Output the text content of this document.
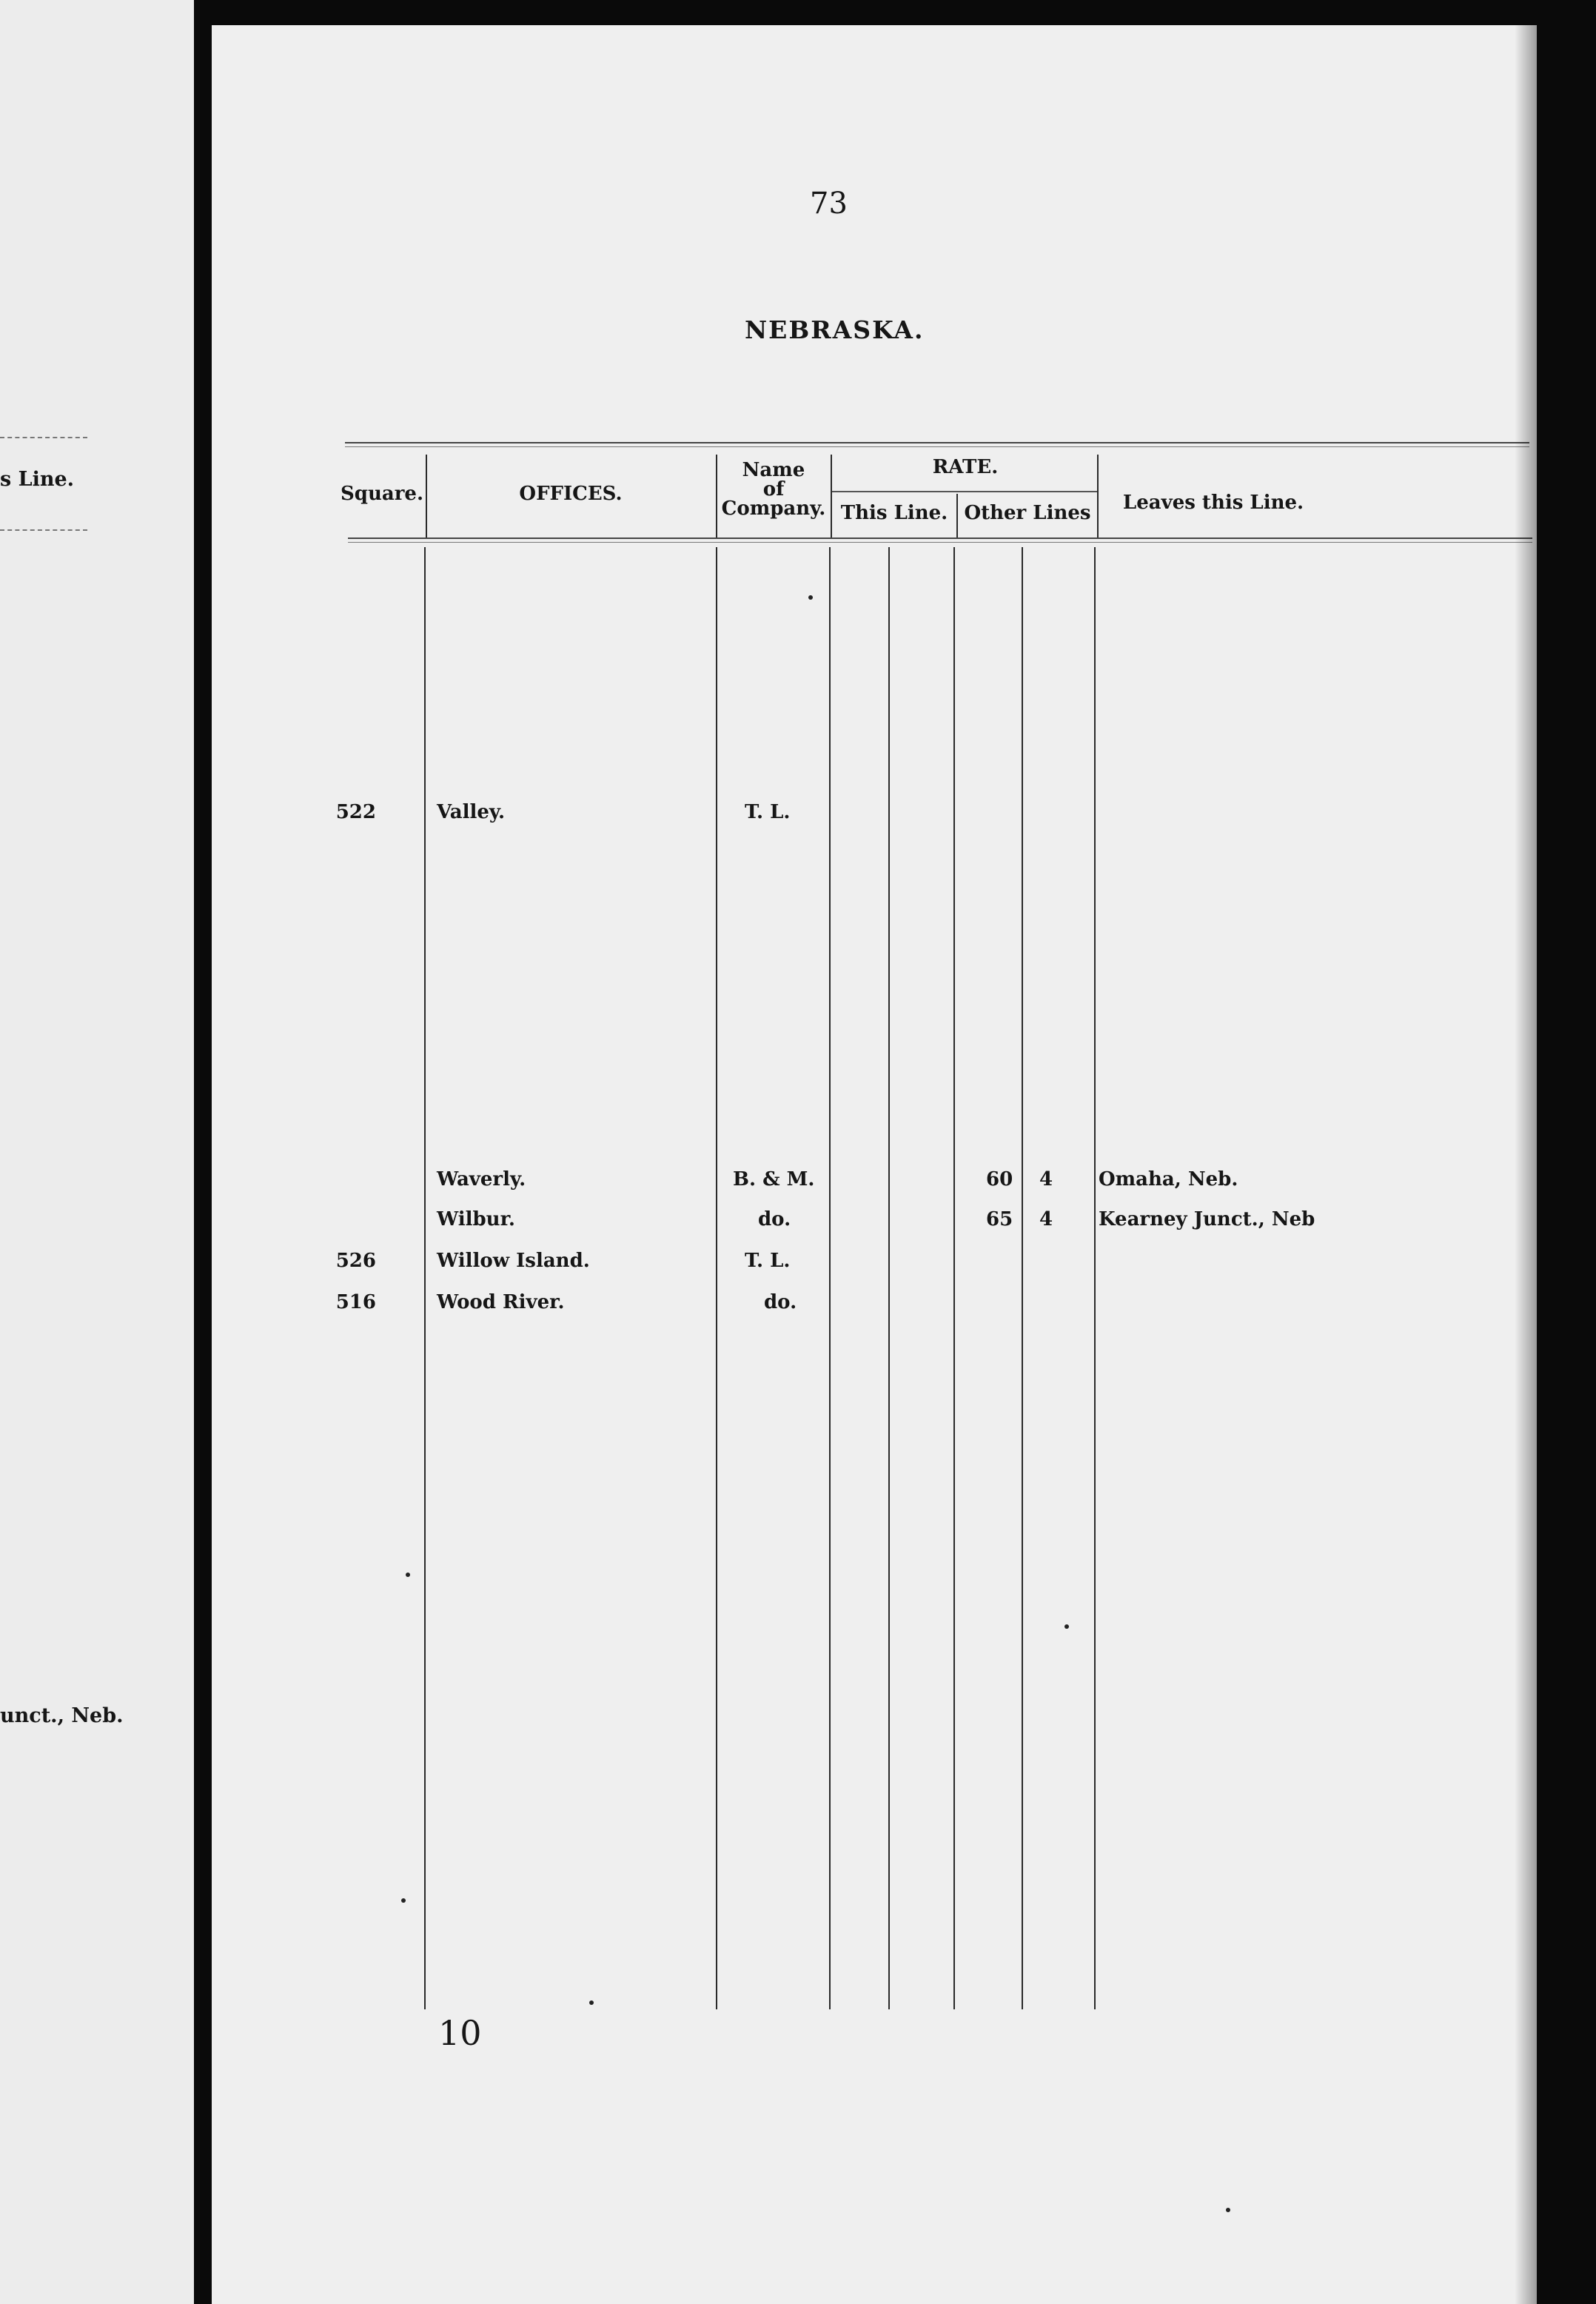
s Line.
unct., Neb.
73
NEBRASKA.
Square.	OFFICES.
Name
of
Company.
RATE.
This Line. Other Lines	Leaves this Line.
522	Valley.	T. L.
Waverly.	B. & M.	60 4 Omaha, Neb.
Wilbur.	do.	65 4 Kearney Junct., Neb
526	Willow Island.	T. L.
516	Wood River.	do.
10
